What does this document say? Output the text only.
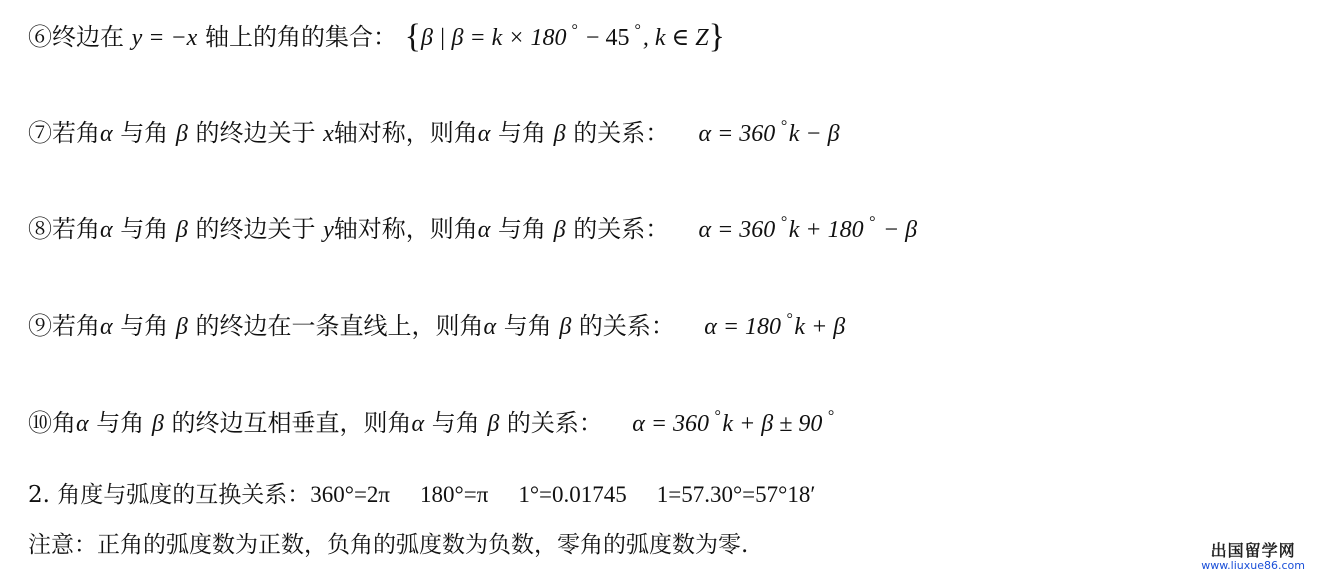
⑥终边在 y = −x 轴上的角的集合： {β | β = k × 180 ° − 45 °, k ∈ Z}
⑦若角α 与角 β 的终边关于 x轴对称，则角α 与角 β 的关系： α = 360 °k − β
⑧若角α 与角 β 的终边关于 y轴对称，则角α 与角 β 的关系： α = 360 °k + 180 ° − β
⑨若角α 与角 β 的终边在一条直线上，则角α 与角 β 的关系： α = 180 °k + β
⑩角α 与角 β 的终边互相垂直，则角α 与角 β 的关系： α = 360 °k + β ± 90 °
2. 角度与弧度的互换关系：360°=2π 180°=π 1°=0.01745 1=57.30°=57°18′
注意：正角的弧度数为正数，负角的弧度数为负数，零角的弧度数为零.	出国留学网
www.liuxue86.com
